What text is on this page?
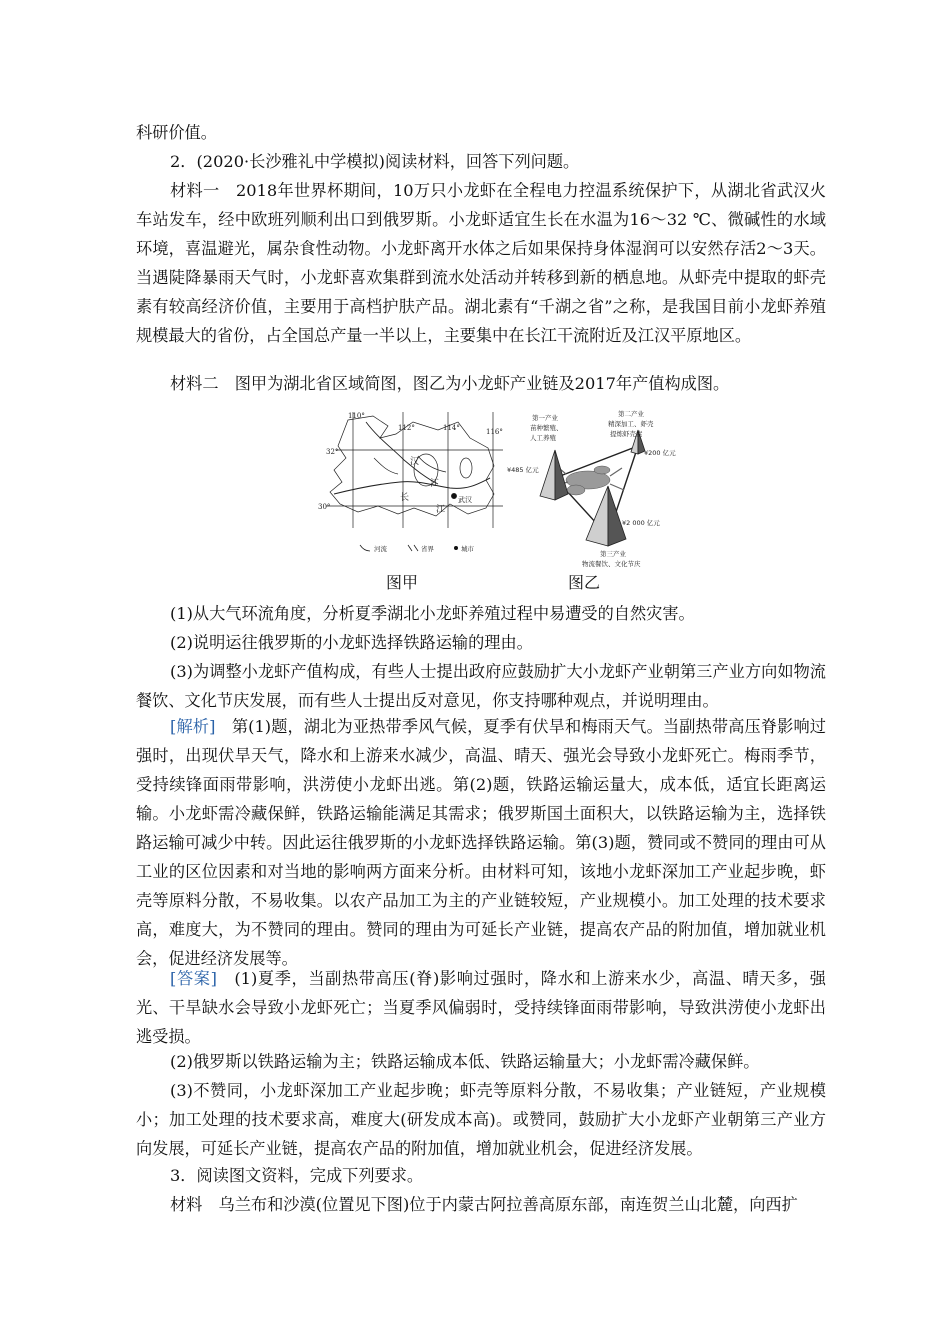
科研价值。

2．(2020·长沙雅礼中学模拟)阅读材料，回答下列问题。

材料一　2018年世界杯期间，10万只小龙虾在全程电力控温系统保护下，从湖北省武汉火车站发车，经中欧班列顺利出口到俄罗斯。小龙虾适宜生长在水温为16～32 ℃、微碱性的水域环境，喜温避光，属杂食性动物。小龙虾离开水体之后如果保持身体湿润可以安然存活2～3天。当遇陡降暴雨天气时，小龙虾喜欢集群到流水处活动并转移到新的栖息地。从虾壳中提取的虾壳素有较高经济价值，主要用于高档护肤产品。湖北素有“千湖之省”之称，是我国目前小龙虾养殖规模最大的省份，占全国总产量一半以上，主要集中在长江干流附近及江汉平原地区。

材料二　图甲为湖北省区域简图，图乙为小龙虾产业链及2017年产值构成图。

110°
112°	114°	116°
32°
30°
汉
江
长
江
武汉
河流	省界	城市
第一产业
苗种繁殖、
人工养殖
¥485 亿元
第二产业
精深加工、虾壳
提炼虾壳素
¥200 亿元
¥2 000 亿元
第三产业
物流餐饮、文化节庆
图甲	图乙

(1)从大气环流角度，分析夏季湖北小龙虾养殖过程中易遭受的自然灾害。

(2)说明运往俄罗斯的小龙虾选择铁路运输的理由。

(3)为调整小龙虾产值构成，有些人士提出政府应鼓励扩大小龙虾产业朝第三产业方向如物流餐饮、文化节庆发展，而有些人士提出反对意见，你支持哪种观点，并说明理由。

[解析]　第(1)题，湖北为亚热带季风气候，夏季有伏旱和梅雨天气。当副热带高压脊影响过强时，出现伏旱天气，降水和上游来水减少，高温、晴天、强光会导致小龙虾死亡。梅雨季节，受持续锋面雨带影响，洪涝使小龙虾出逃。第(2)题，铁路运输运量大，成本低，适宜长距离运输。小龙虾需冷藏保鲜，铁路运输能满足其需求；俄罗斯国土面积大，以铁路运输为主，选择铁路运输可减少中转。因此运往俄罗斯的小龙虾选择铁路运输。第(3)题，赞同或不赞同的理由可从工业的区位因素和对当地的影响两方面来分析。由材料可知，该地小龙虾深加工产业起步晚，虾壳等原料分散，不易收集。以农产品加工为主的产业链较短，产业规模小。加工处理的技术要求高，难度大，为不赞同的理由。赞同的理由为可延长产业链，提高农产品的附加值，增加就业机会，促进经济发展等。

[答案]　(1)夏季，当副热带高压(脊)影响过强时，降水和上游来水少，高温、晴天多，强光、干旱缺水会导致小龙虾死亡；当夏季风偏弱时，受持续锋面雨带影响，导致洪涝使小龙虾出逃受损。

(2)俄罗斯以铁路运输为主；铁路运输成本低、铁路运输量大；小龙虾需冷藏保鲜。

(3)不赞同，小龙虾深加工产业起步晚；虾壳等原料分散，不易收集；产业链短，产业规模小；加工处理的技术要求高，难度大(研发成本高)。或赞同，鼓励扩大小龙虾产业朝第三产业方向发展，可延长产业链，提高农产品的附加值，增加就业机会，促进经济发展。

3．阅读图文资料，完成下列要求。

材料　乌兰布和沙漠(位置见下图)位于内蒙古阿拉善高原东部，南连贺兰山北麓，向西扩
